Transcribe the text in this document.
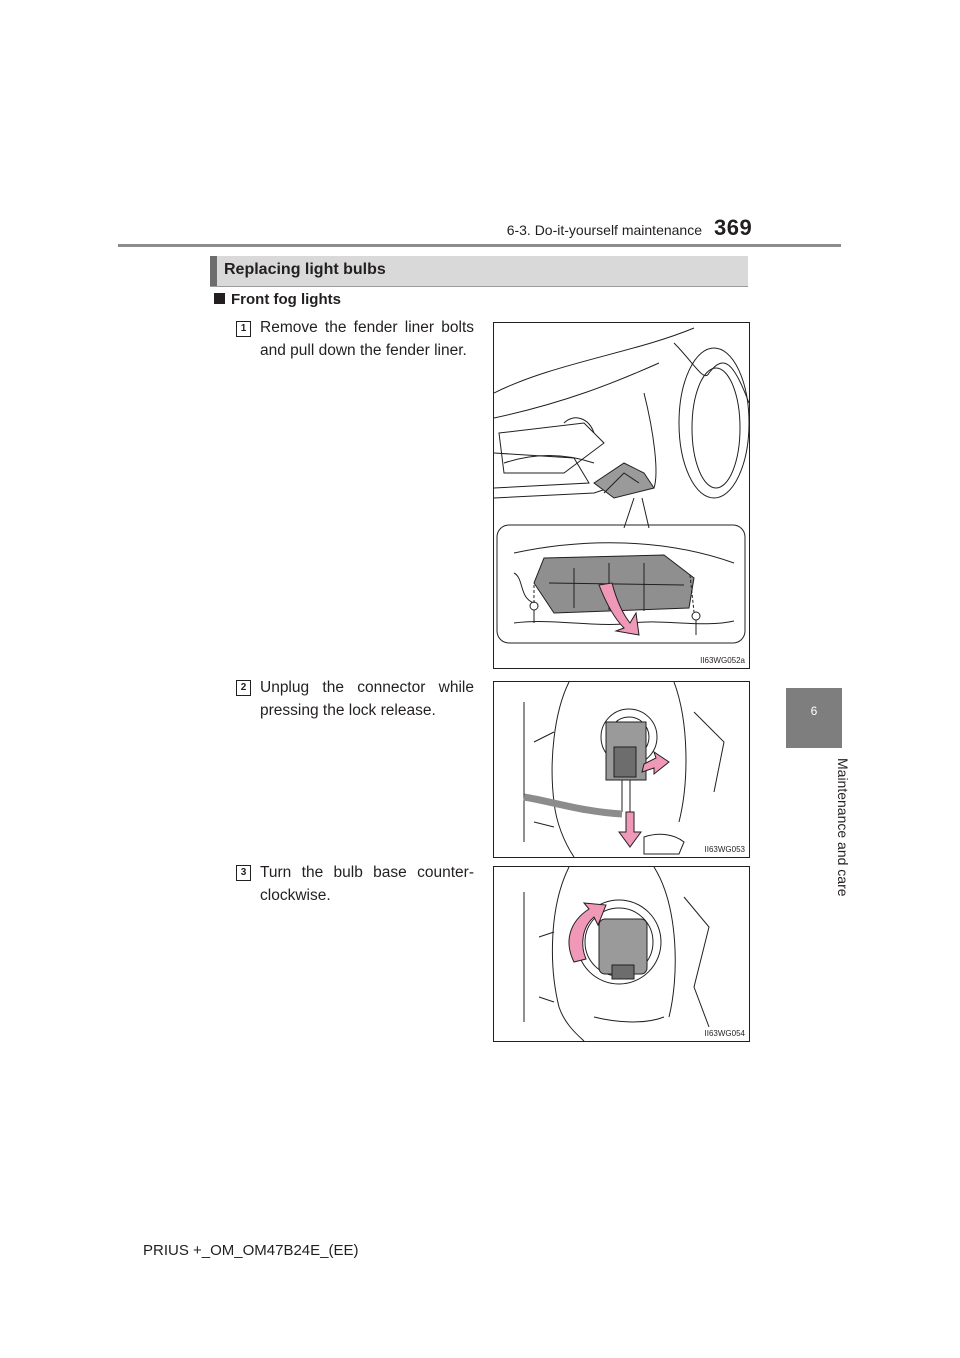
6-3. Do-it-yourself maintenance 369
6
Maintenance and care
Replacing light bulbs
Front fog lights
1 Remove the fender liner bolts and pull down the fender liner.
II63WG052a
2 Unplug the connector while pressing the lock release.
II63WG053
3 Turn the bulb base counter-clockwise.
II63WG054
PRIUS +_OM_OM47B24E_(EE)
